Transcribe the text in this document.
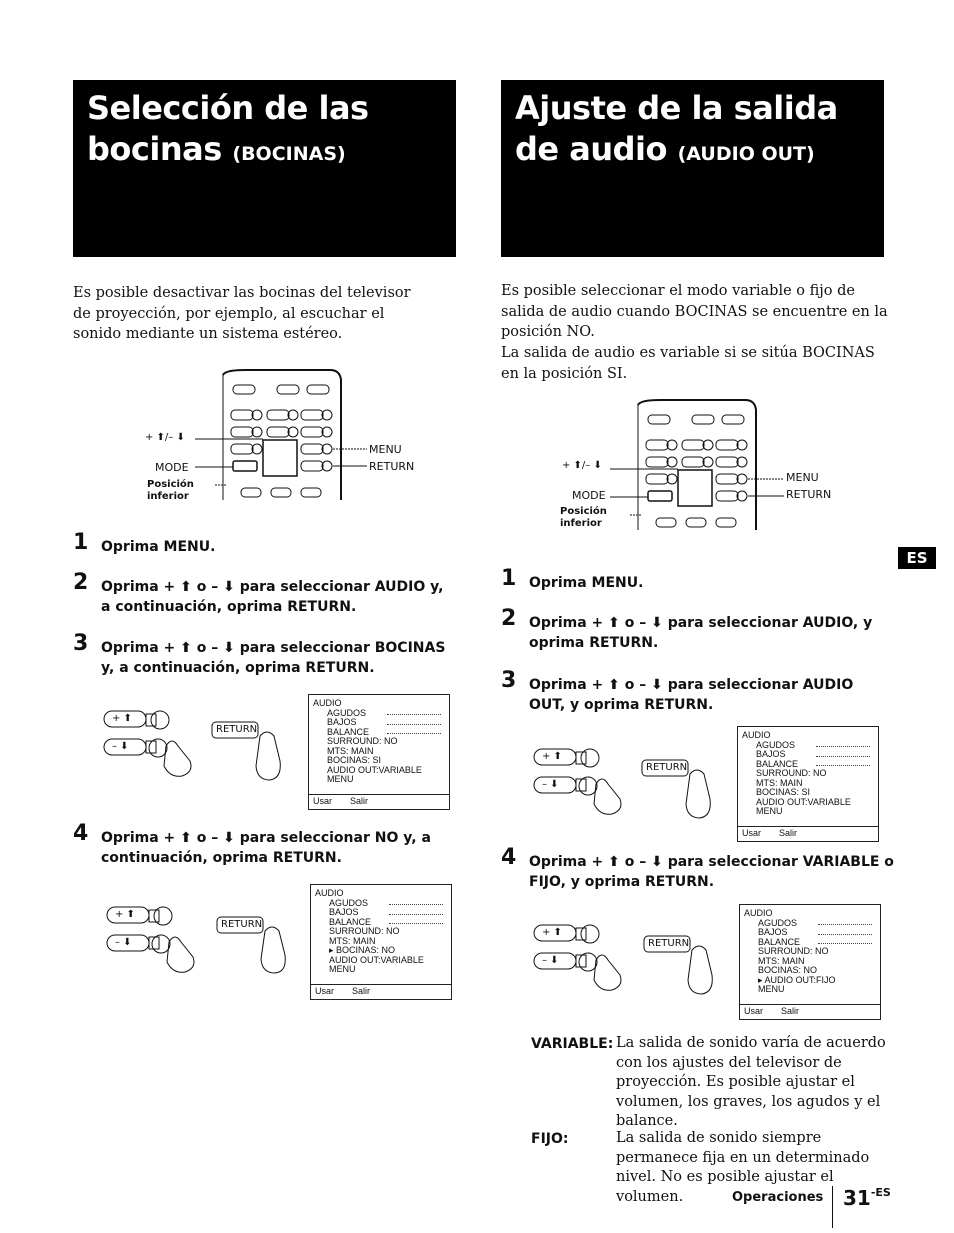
Selección de las
bocinas (BOCINAS)
Ajuste de la salida
de audio (AUDIO OUT)
Es posible desactivar las bocinas del televisor de proyección, por ejemplo, al escuchar el sonido mediante un sistema estéreo.
Es posible seleccionar el modo variable o fijo de salida de audio cuando BOCINAS se encuentre en la posición NO.
La salida de audio es variable si se sitúa BOCINAS en la posición SI.
+ ⬆/– ⬇
MODE
Posición
inferior
MENU
RETURN
1 Oprima MENU.
2 Oprima + ⬆ o – ⬇ para seleccionar AUDIO y, a continuación, oprima RETURN.
3 Oprima + ⬆ o – ⬇ para seleccionar BOCINAS y, a continuación, oprima RETURN.
4 Oprima + ⬆ o – ⬇ para seleccionar NO y, a continuación, oprima RETURN.
+ ⬆
– ⬇
RETURN
AUDIO
AGUDOS
BAJOS
BALANCE
SURROUND: NO
MTS: MAIN
BOCINAS: SI
AUDIO OUT:VARIABLE
MENU
Usar Salir
+ ⬆
– ⬇
RETURN
AUDIO
AGUDOS
BAJOS
BALANCE
SURROUND: NO
MTS: MAIN
▸ BOCINAS: NO
AUDIO OUT:VARIABLE
MENU
Usar Salir
+ ⬆/– ⬇
MODE
Posición
inferior
MENU
RETURN
ES
1 Oprima MENU.
2 Oprima + ⬆ o – ⬇ para seleccionar AUDIO, y oprima RETURN.
3 Oprima + ⬆ o – ⬇ para seleccionar AUDIO OUT, y oprima RETURN.
4 Oprima + ⬆ o – ⬇ para seleccionar VARIABLE o FIJO, y oprima RETURN.
+ ⬆
– ⬇
RETURN
AUDIO
AGUDOS
BAJOS
BALANCE
SURROUND: NO
MTS: MAIN
BOCINAS: SI
AUDIO OUT:VARIABLE
MENU
Usar Salir
+ ⬆
– ⬇
RETURN
AUDIO
AGUDOS
BAJOS
BALANCE
SURROUND: NO
MTS: MAIN
BOCINAS: NO
▸ AUDIO OUT:FIJO
MENU
Usar Salir
VARIABLE: La salida de sonido varía de acuerdo con los ajustes del televisor de proyección. Es posible ajustar el volumen, los graves, los agudos y el balance.
FIJO:	La salida de sonido siempre permanece fija en un determinado nivel. No es posible ajustar el volumen.	Operaciones $31^{-ES}$
